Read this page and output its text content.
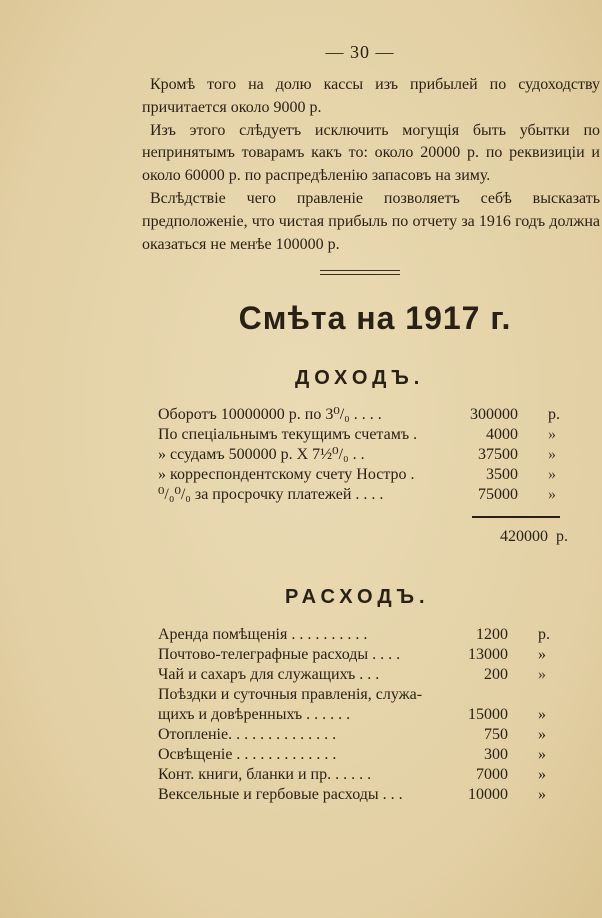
— 30 —

Кромѣ того на долю кассы изъ прибылей по судоходству причитается около 9000 р.

Изъ этого слѣдуетъ исключить могущія быть убытки по непринятымъ товарамъ какъ то: около 20000 р. по реквизиціи и около 60000 р. по распредѣленію запасовъ на зиму.

Вслѣдствіе чего правленіе позволяетъ себѣ высказать предположеніе, что чистая прибыль по отчету за 1916 годъ должна оказаться не менѣе 100000 р.

Смѣта на 1917 г.
ДОХОДЪ.
Оборотъ 10000000 р. по 3⁰/₀ . . . .	300000 р.
По спеціальнымъ текущимъ счетамъ .	4000 »
» ссудамъ 500000 р. X 7½⁰/₀ . .	37500 »
» корреспондентскому счету Ностро .	3500 »
⁰/₀⁰/₀ за просрочку платежей . . . .	75000 »
420000 р.
РАСХОДЪ.
Аренда помѣщенія . . . . . . . . . .	1200 р.
Почтово-телеграфные расходы . . . .	13000 »
Чай и сахаръ для служащихъ . . .	200 »
Поѣздки и суточныя правленія, служа-
щихъ и довѣренныхъ . . . . . .	15000 »
Отопленіе. . . . . . . . . . . . . .	750 »
Освѣщеніе . . . . . . . . . . . . .	300 »
Конт. книги, бланки и пр. . . . . .	7000 »
Вексельные и гербовые расходы . . .	10000 »
